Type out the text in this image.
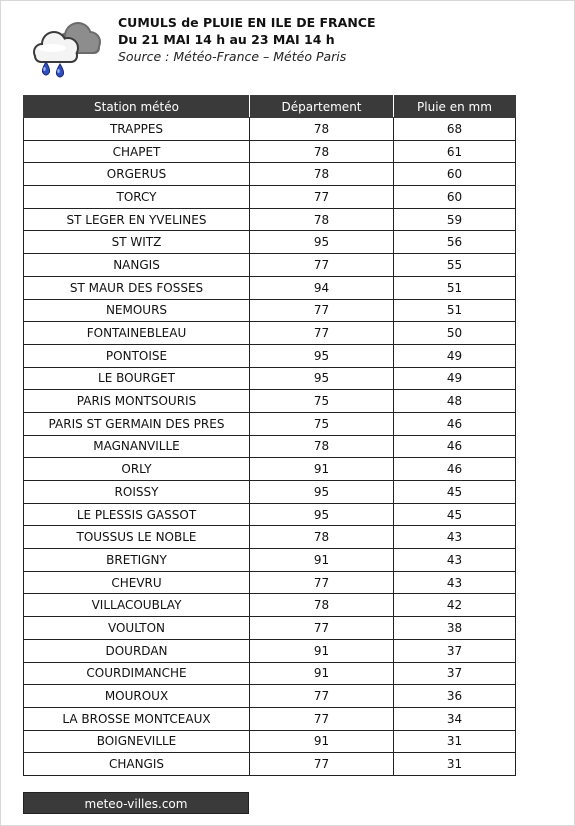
CUMULS de PLUIE EN ILE DE FRANCE
Du 21 MAI 14 h au 23 MAI 14 h
Source : Météo-France – Météo Paris
Station météo	Département	Pluie en mm
TRAPPES	78	68
CHAPET	78	61
ORGERUS	78	60
TORCY	77	60
ST LEGER EN YVELINES	78	59
ST WITZ	95	56
NANGIS	77	55
ST MAUR DES FOSSES	94	51
NEMOURS	77	51
FONTAINEBLEAU	77	50
PONTOISE	95	49
LE BOURGET	95	49
PARIS MONTSOURIS	75	48
PARIS ST GERMAIN DES PRES	75	46
MAGNANVILLE	78	46
ORLY	91	46
ROISSY	95	45
LE PLESSIS GASSOT	95	45
TOUSSUS LE NOBLE	78	43
BRETIGNY	91	43
CHEVRU	77	43
VILLACOUBLAY	78	42
VOULTON	77	38
DOURDAN	91	37
COURDIMANCHE	91	37
MOUROUX	77	36
LA BROSSE MONTCEAUX	77	34
BOIGNEVILLE	91	31
CHANGIS	77	31
meteo-villes.com
